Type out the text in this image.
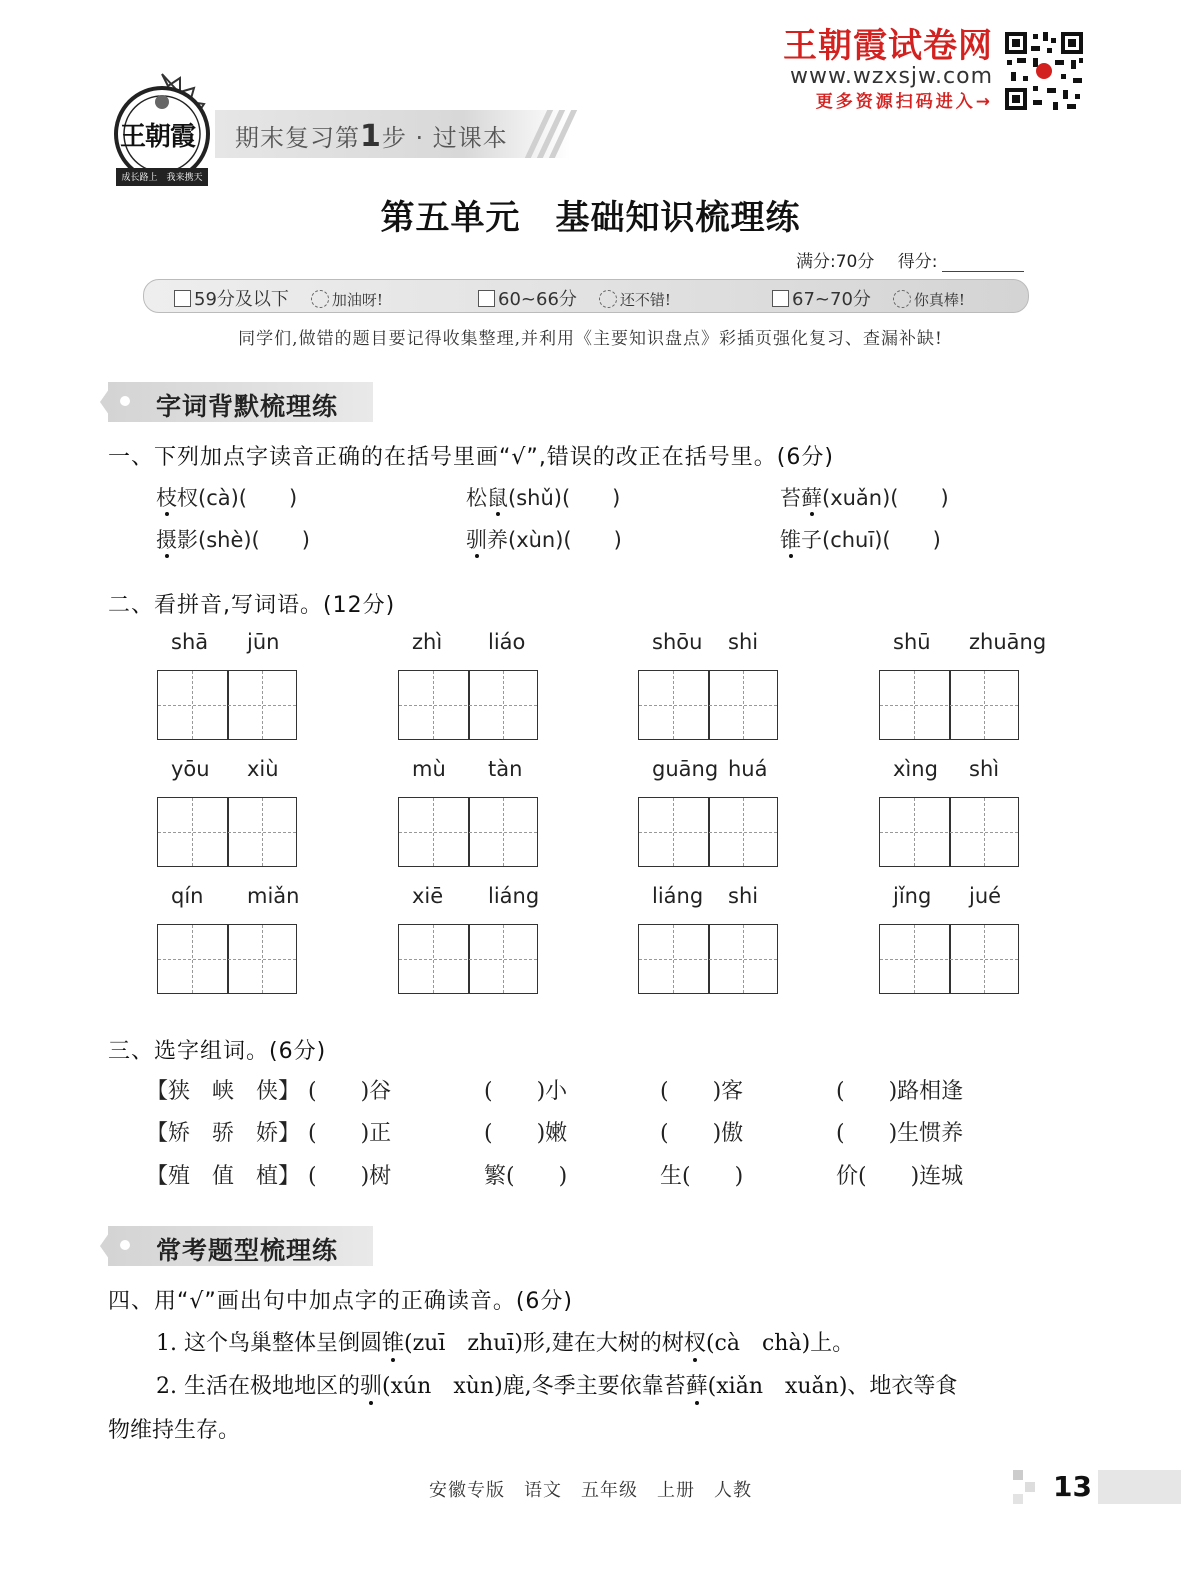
成长路上　我来携天
王朝霞 期末复习第1步 · 过课本
王朝霞试卷网
www.wzxsjw.com
更多资源扫码进入→
第五单元　基础知识梳理练
满分:70分 得分:
59分及以下	加油呀!	60~66分	还不错!	67~70分	你真棒!
同学们,做错的题目要记得收集整理,并利用《主要知识盘点》彩插页强化复习、查漏补缺!
字词背默梳理练
一、下列加点字读音正确的在括号里画“√”,错误的改正在括号里。(6分)
枝杈(cà)(　　)	松鼠(shǔ)(　　)	苔藓(xuǎn)(　　)
摄影(shè)(　　)	驯养(xùn)(　　)	锥子(chuī)(　　)
二、看拼音,写词语。(12分)
shā jūn	zhì liáo	shōu shi	shū zhuāng
yōu xiù	mù tàn	guāng huá	xìng shì
qín miǎn	xiē liáng	liáng shi	jǐng jué
三、选字组词。(6分)
【狭　峡　侠】 (　　)谷	(　　)小	(　　)客	(　　)路相逢
【矫　骄　娇】 (　　)正	(　　)嫩	(　　)傲	(　　)生惯养
【殖　值　植】 (　　)树	繁(　　)	生(　　)	价(　　)连城
常考题型梳理练
四、用“√”画出句中加点字的正确读音。(6分)
1. 这个鸟巢整体呈倒圆锥(zuī　zhuī)形,建在大树的树杈(cà　chà)上。
2. 生活在极地地区的驯(xún　xùn)鹿,冬季主要依靠苔藓(xiǎn　xuǎn)、地衣等食
物维持生存。
安徽专版　语文　五年级　上册　人教	13
